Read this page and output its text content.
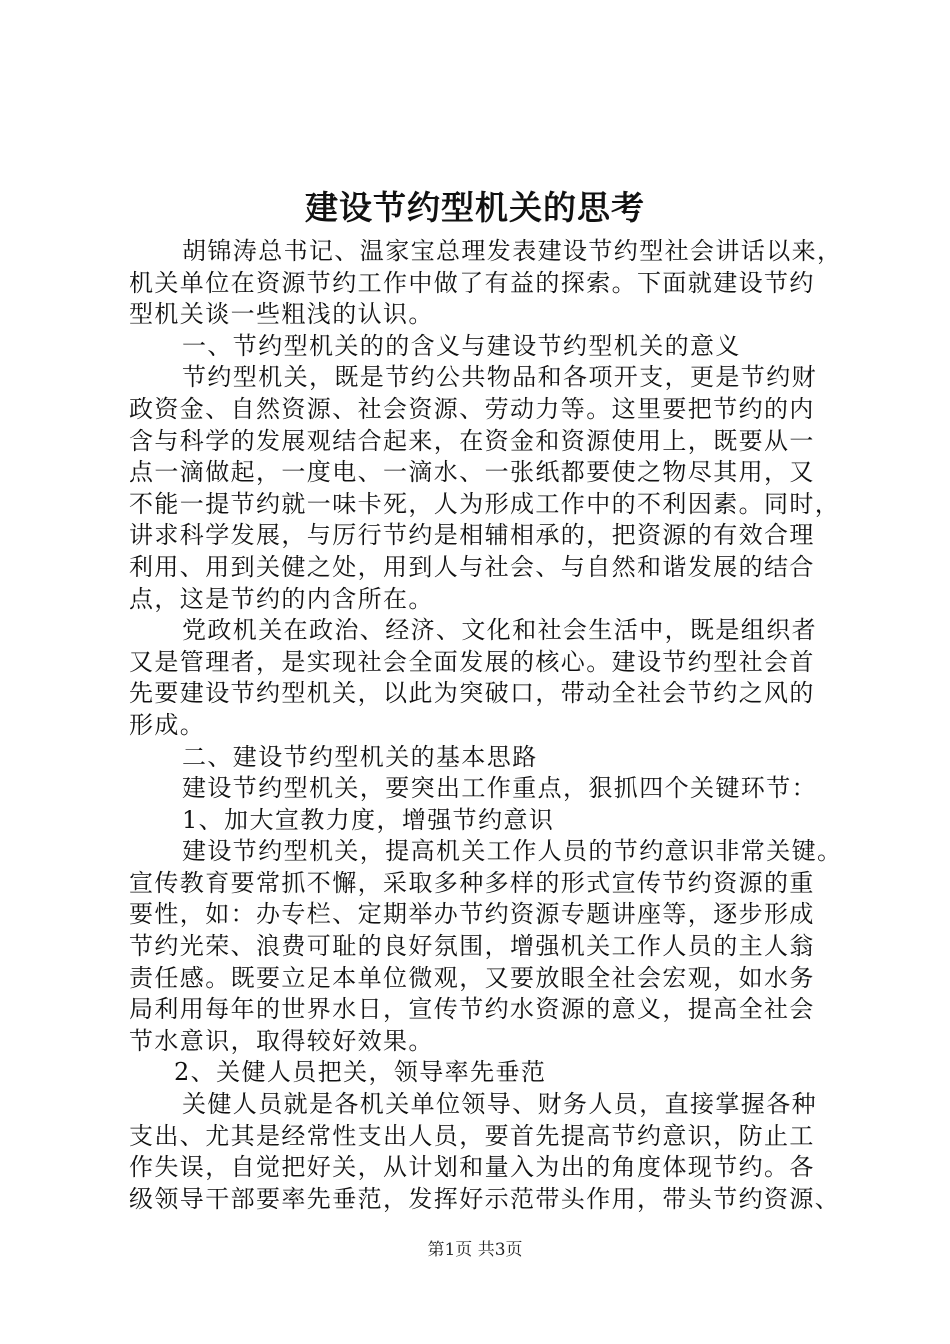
建设节约型机关的思考
胡锦涛总书记、温家宝总理发表建设节约型社会讲话以来，
机关单位在资源节约工作中做了有益的探索。下面就建设节约
型机关谈一些粗浅的认识。
一、节约型机关的的含义与建设节约型机关的意义
节约型机关，既是节约公共物品和各项开支，更是节约财
政资金、自然资源、社会资源、劳动力等。这里要把节约的内
含与科学的发展观结合起来，在资金和资源使用上，既要从一
点一滴做起，一度电、一滴水、一张纸都要使之物尽其用，又
不能一提节约就一味卡死，人为形成工作中的不利因素。同时，
讲求科学发展，与厉行节约是相辅相承的，把资源的有效合理
利用、用到关健之处，用到人与社会、与自然和谐发展的结合
点，这是节约的内含所在。
党政机关在政治、经济、文化和社会生活中，既是组织者
又是管理者，是实现社会全面发展的核心。建设节约型社会首
先要建设节约型机关，以此为突破口，带动全社会节约之风的
形成。
二、建设节约型机关的基本思路
建设节约型机关，要突出工作重点，狠抓四个关键环节：
1、加大宣教力度，增强节约意识
建设节约型机关，提高机关工作人员的节约意识非常关键。
宣传教育要常抓不懈，采取多种多样的形式宣传节约资源的重
要性，如：办专栏、定期举办节约资源专题讲座等，逐步形成
节约光荣、浪费可耻的良好氛围，增强机关工作人员的主人翁
责任感。既要立足本单位微观，又要放眼全社会宏观，如水务
局利用每年的世界水日，宣传节约水资源的意义，提高全社会
节水意识，取得较好效果。
2、关健人员把关，领导率先垂范
关健人员就是各机关单位领导、财务人员，直接掌握各种
支出、尤其是经常性支出人员，要首先提高节约意识，防止工
作失误，自觉把好关，从计划和量入为出的角度体现节约。各
级领导干部要率先垂范，发挥好示范带头作用，带头节约资源、
第1页 共3页
